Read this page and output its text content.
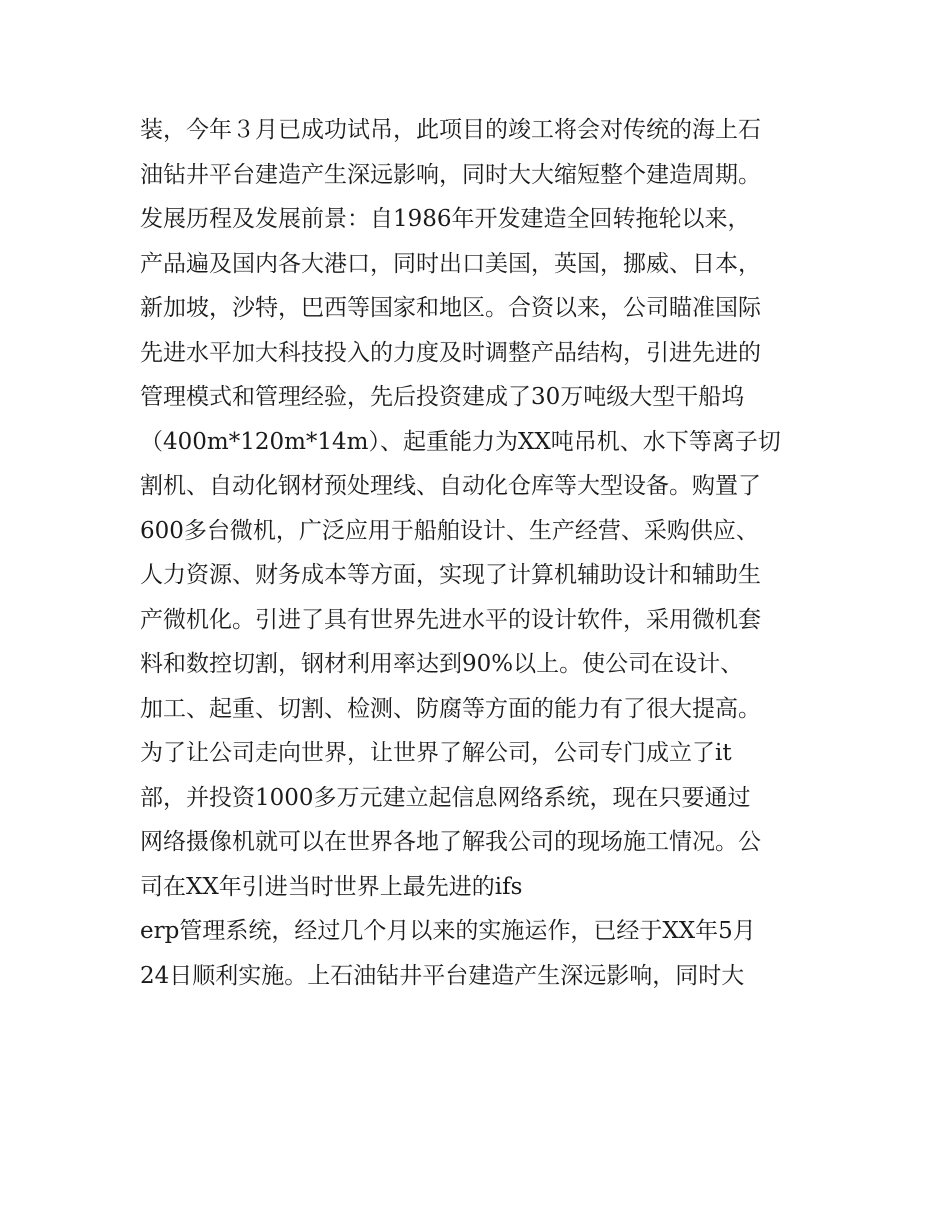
装，今年３月已成功试吊，此项目的竣工将会对传统的海上石
油钻井平台建造产生深远影响，同时大大缩短整个建造周期。
发展历程及发展前景：自1986年开发建造全回转拖轮以来，
产品遍及国内各大港口，同时出口美国，英国，挪威、日本，
新加坡，沙特，巴西等国家和地区。合资以来，公司瞄准国际
先进水平加大科技投入的力度及时调整产品结构，引进先进的
管理模式和管理经验，先后投资建成了30万吨级大型干船坞
（400m*120m*14m）、起重能力为XX吨吊机、水下等离子切
割机、自动化钢材预处理线、自动化仓库等大型设备。购置了
600多台微机，广泛应用于船舶设计、生产经营、采购供应、
人力资源、财务成本等方面，实现了计算机辅助设计和辅助生
产微机化。引进了具有世界先进水平的设计软件，采用微机套
料和数控切割，钢材利用率达到90%以上。使公司在设计、
加工、起重、切割、检测、防腐等方面的能力有了很大提高。
为了让公司走向世界，让世界了解公司，公司专门成立了it
部，并投资1000多万元建立起信息网络系统，现在只要通过
网络摄像机就可以在世界各地了解我公司的现场施工情况。公
司在XX年引进当时世界上最先进的ifs
erp管理系统，经过几个月以来的实施运作，已经于XX年5月
24日顺利实施。上石油钻井平台建造产生深远影响，同时大
